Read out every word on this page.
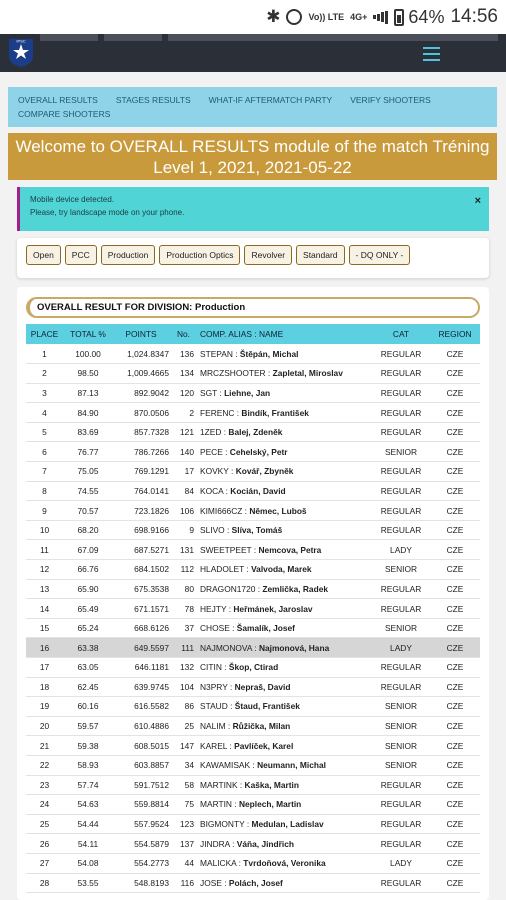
✱	Vo)) LTE 4G+ 64% 14:56
IPSC
OVERALL RESULTS STAGES RESULTS WHAT-IF AFTERMATCH PARTY VERIFY SHOOTERS
COMPARE SHOOTERS
Welcome to OVERALL RESULTS module of the match Tréning Level 1, 2021, 2021-05-22
Mobile device detected.
Please, try landscape mode on your phone.
×
Open	PCC	Production	Production Optics	Revolver	Standard	- DQ ONLY -
OVERALL RESULT FOR DIVISION: Production
PLACE	TOTAL %	POINTS	No.	COMP. ALIAS : NAME	CAT	REGION
1	100.00	1,024.8347	136	STEPAN : Štěpán, Michal	REGULAR	CZE
2	98.50	1,009.4665	134	MRCZSHOOTER : Zapletal, Miroslav	REGULAR	CZE
3	87.13	892.9042	120	SGT : Liehne, Jan	REGULAR	CZE
4	84.90	870.0506	2	FERENC : Bindík, František	REGULAR	CZE
5	83.69	857.7328	121	1ZED : Balej, Zdeněk	REGULAR	CZE
6	76.77	786.7266	140	PECE : Cehelský, Petr	SENIOR	CZE
7	75.05	769.1291	17	KOVKY : Kovář, Zbyněk	REGULAR	CZE
8	74.55	764.0141	84	KOCA : Kocián, David	REGULAR	CZE
9	70.57	723.1826	106	KIMI666CZ : Němec, Luboš	REGULAR	CZE
10	68.20	698.9166	9	SLIVO : Slíva, Tomáš	REGULAR	CZE
11	67.09	687.5271	131	SWEETPEET : Nemcova, Petra	LADY	CZE
12	66.76	684.1502	112	HLADOLET : Valvoda, Marek	SENIOR	CZE
13	65.90	675.3538	80	DRAGON1720 : Zemlička, Radek	REGULAR	CZE
14	65.49	671.1571	78	HEJTY : Heřmánek, Jaroslav	REGULAR	CZE
15	65.24	668.6126	37	CHOSE : Šamalík, Josef	SENIOR	CZE
16	63.38	649.5597	111	NAJMONOVA : Najmonová, Hana	LADY	CZE
17	63.05	646.1181	132	CITIN : Škop, Ctirad	REGULAR	CZE
18	62.45	639.9745	104	N3PRY : Nepraš, David	REGULAR	CZE
19	60.16	616.5582	86	STAUD : Štaud, František	SENIOR	CZE
20	59.57	610.4886	25	NALIM : Růžička, Milan	SENIOR	CZE
21	59.38	608.5015	147	KAREL : Pavlíček, Karel	SENIOR	CZE
22	58.93	603.8857	34	KAWAMISAK : Neumann, Michal	SENIOR	CZE
23	57.74	591.7512	58	MARTINK : Kaška, Martin	REGULAR	CZE
24	54.63	559.8814	75	MARTIN : Neplech, Martin	REGULAR	CZE
25	54.44	557.9524	123	BIGMONTY : Medulan, Ladislav	REGULAR	CZE
26	54.11	554.5879	137	JINDRA : Váňa, Jindřich	REGULAR	CZE
27	54.08	554.2773	44	MALICKA : Tvrdoňová, Veronika	LADY	CZE
28	53.55	548.8193	116	JOSE : Polách, Josef	REGULAR	CZE
